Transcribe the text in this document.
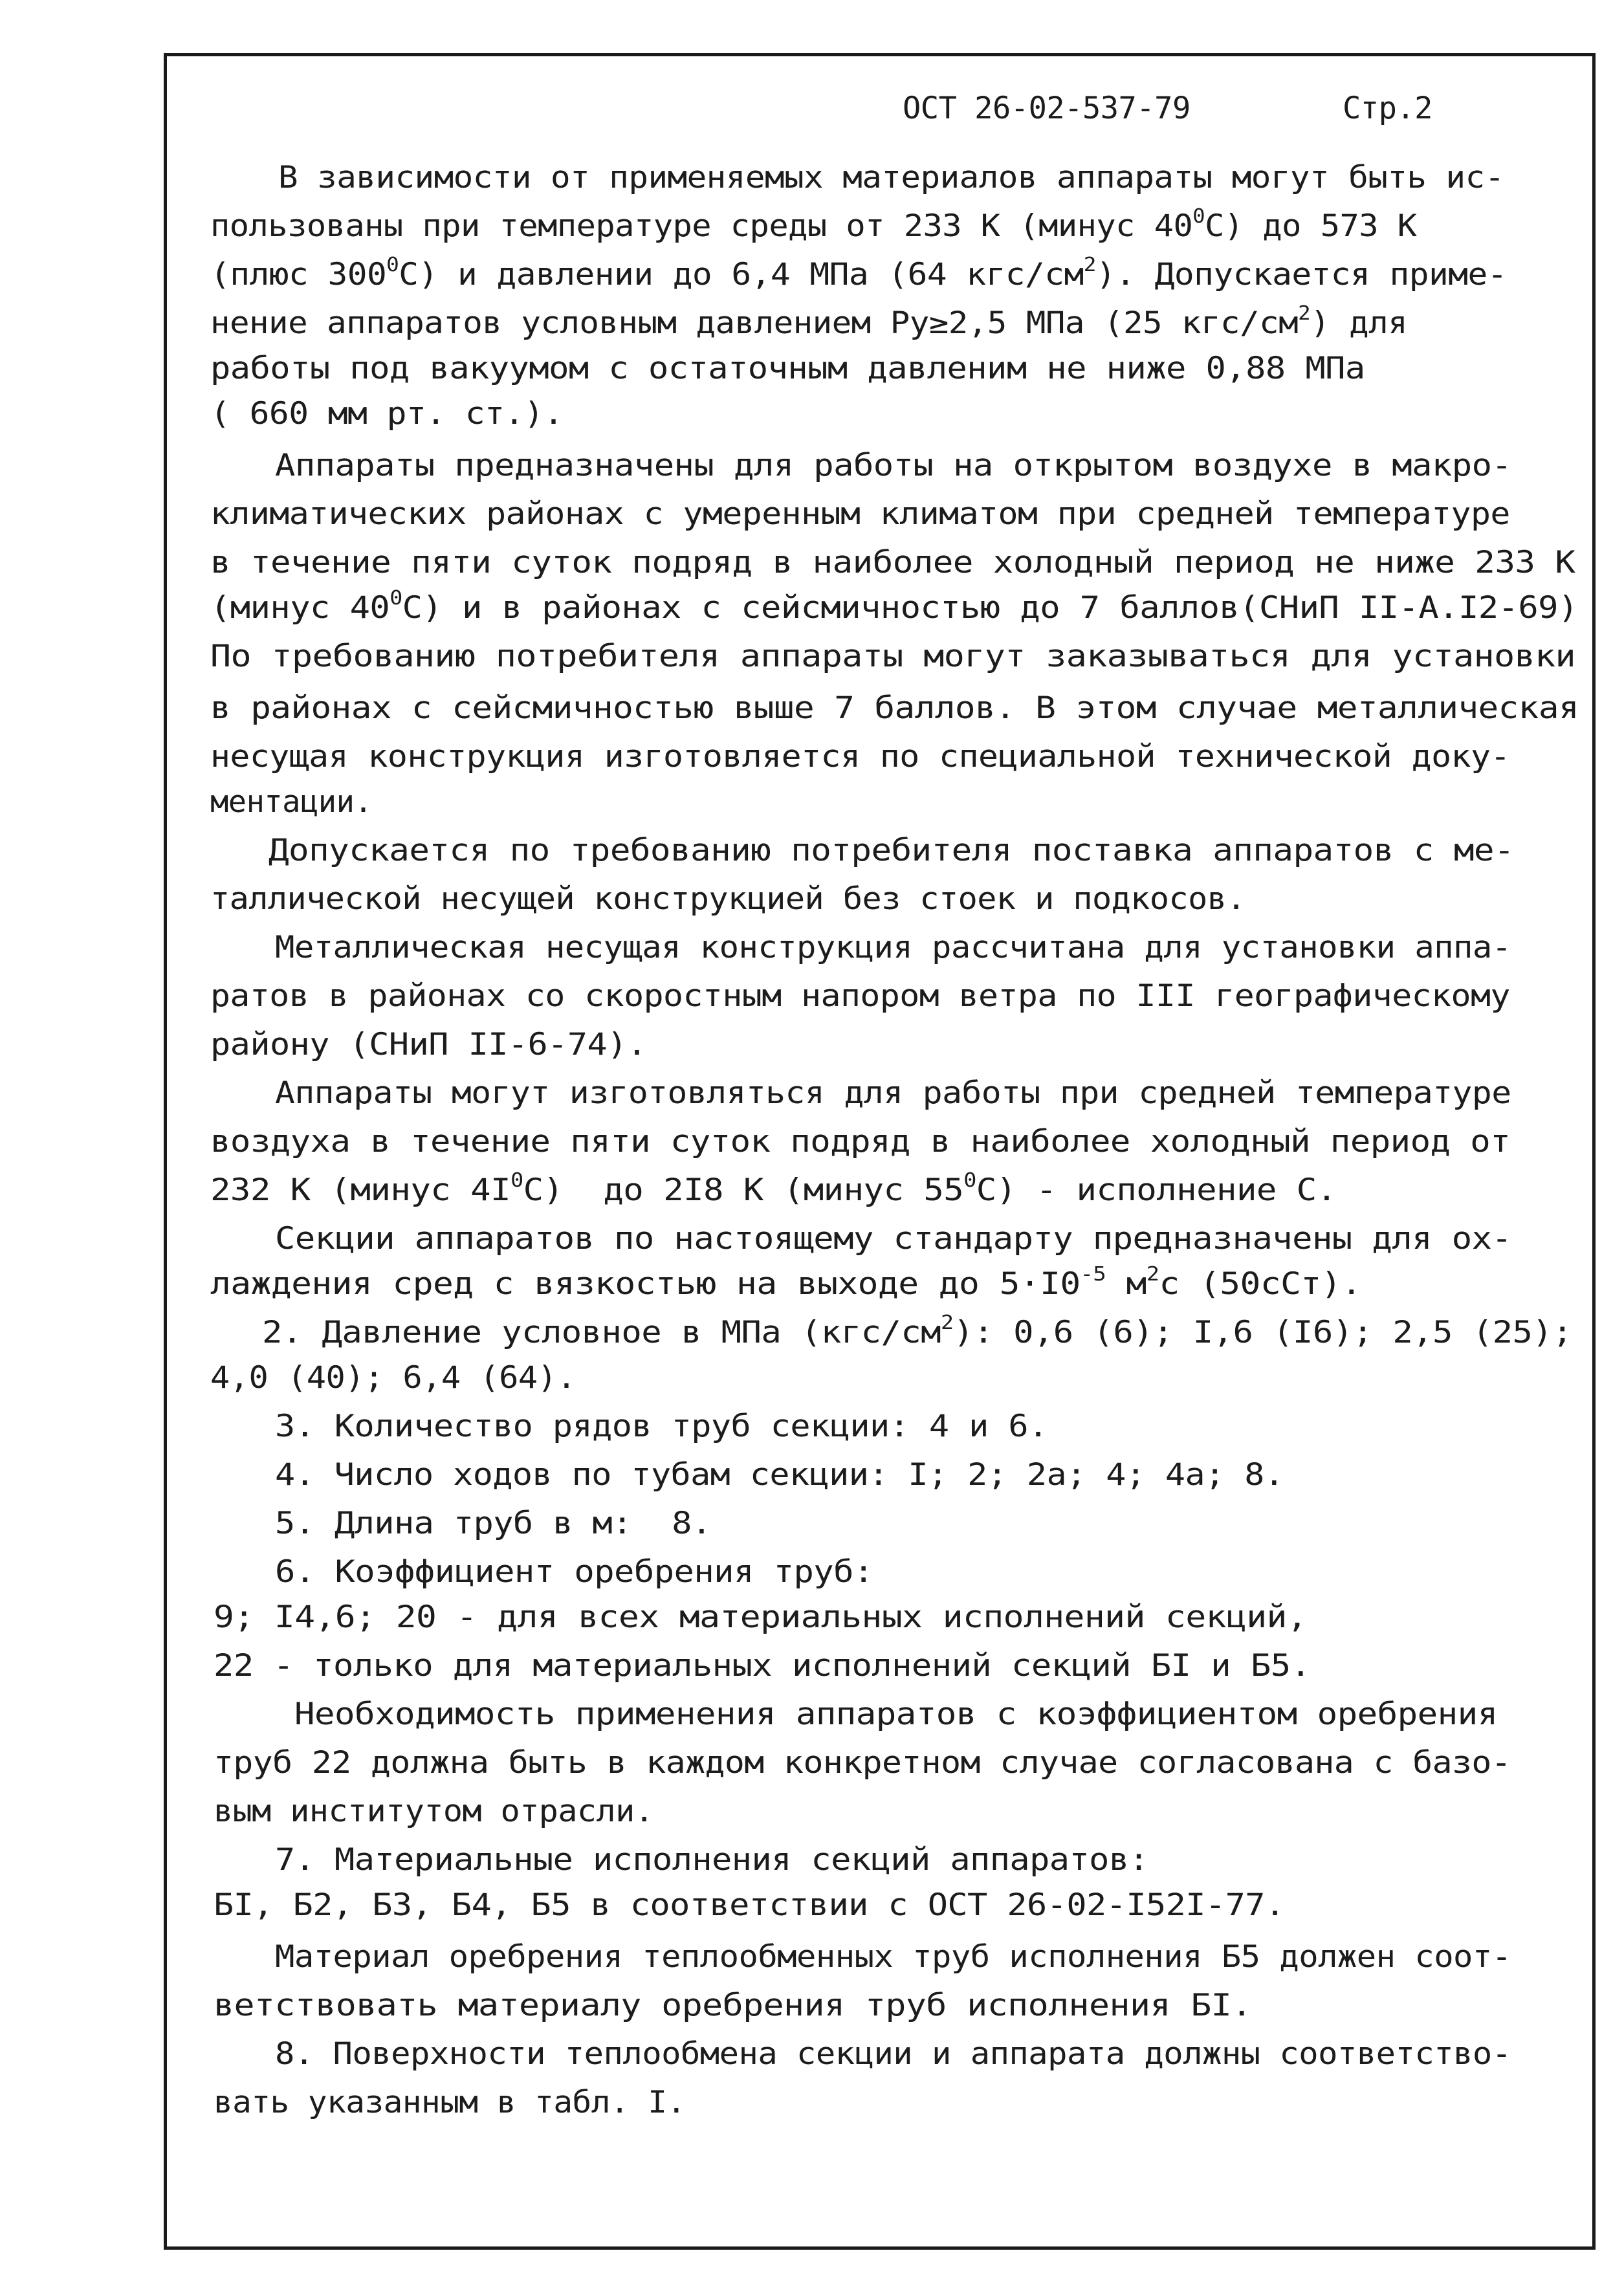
ОСТ 26-02-537-79	Стр.2
В зависимости от применяемых материалов аппараты могут быть ис-
пользованы при температуре среды от 233 К (минус $40^0С$) до 573 К
(плюс $300^0С$) и давлении до 6,4 МПа (64 кгс/$см^2$). Допускается приме-
нение аппаратов условным давлением Ру≥2,5 МПа (25 кгс/$см^2$) для
работы под вакуумом с остаточным давленим не ниже 0,88 МПа
( 660 мм рт. ст.).
Аппараты предназначены для работы на открытом воздухе в макро-
климатических районах с умеренным климатом при средней температуре
в течение пяти суток подряд в наиболее холодный период не ниже 233 К
(минус $40^0С$) и в районах с сейсмичностью до 7 баллов(СНиП II-A.I2-69)
По требованию потребителя аппараты могут заказываться для установки
в районах с сейсмичностью выше 7 баллов. В этом случае металлическая
несущая конструкция изготовляется по специальной технической доку-
ментации.
Допускается по требованию потребителя поставка аппаратов с ме-
таллической несущей конструкцией без стоек и подкосов.
Металлическая несущая конструкция рассчитана для установки аппа-
ратов в районах со скоростным напором ветра по III географическому
району (СНиП II-6-74).
Аппараты могут изготовляться для работы при средней температуре
воздуха в течение пяти суток подряд в наиболее холодный период от
232 К (минус $4I^0С$)  до 2I8 К (минус $55^0С$) - исполнение С.
Секции аппаратов по настоящему стандарту предназначены для ох-
лаждения сред с вязкостью на выходе до $5\cdot I0^{-5}$ $м^2с$ (50сСт).
2. Давление условное в МПа $(кгс/см^2)$: 0,6 (6); I,6 (I6); 2,5 (25);
4,0 (40); 6,4 (64).
3. Количество рядов труб секции: 4 и 6.
4. Число ходов по тубам секции: I; 2; 2а; 4; 4а; 8.
5. Длина труб в м:  8.
6. Коэффициент оребрения труб:
9; I4,6; 20 - для всех материальных исполнений секций,
22 - только для материальных исполнений секций БI и Б5.
Необходимость применения аппаратов с коэффициентом оребрения
труб 22 должна быть в каждом конкретном случае согласована с базо-
вым институтом отрасли.
7. Материальные исполнения секций аппаратов:
БI, Б2, Б3, Б4, Б5 в соответствии с ОСТ 26-02-I52I-77.
Материал оребрения теплообменных труб исполнения Б5 должен соот-
ветствовать материалу оребрения труб исполнения БI.
8. Поверхности теплообмена секции и аппарата должны соответство-
вать указанным в табл. I.
